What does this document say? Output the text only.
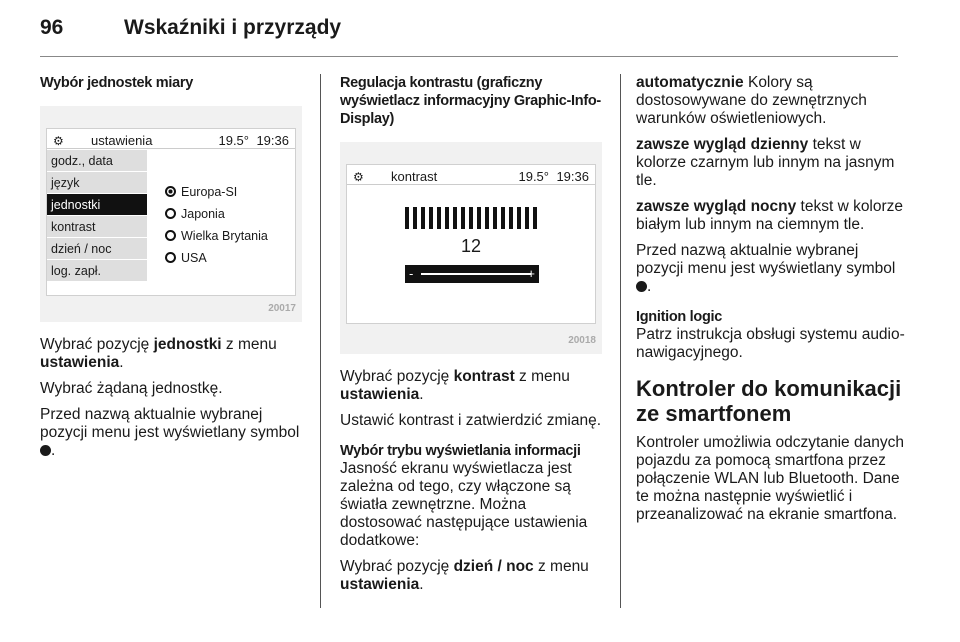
96	Wskaźniki i przyrządy

Wybór jednostek miary

⚙ ustawienia	19.5° 19:36
godz., data
język
jednostki
kontrast
dzień / noc
log. zapł.
Europa-SI
Japonia
Wielka Brytania
USA
20017

Wybrać pozycję jednostki z menu ustawienia.

Wybrać żądaną jednostkę.

Przed nazwą aktualnie wybranej pozycji menu jest wyświetlany symbol .

Regulacja kontrastu (graficzny wyświetlacz informacyjny Graphic-Info-Display)

⚙ kontrast	19.5° 19:36
12
-	+
20018

Wybrać pozycję kontrast z menu ustawienia.

Ustawić kontrast i zatwierdzić zmianę.

Wybór trybu wyświetlania informacji

Jasność ekranu wyświetlacza jest zależna od tego, czy włączone są światła zewnętrzne. Można dostosować następujące ustawienia dodatkowe:

Wybrać pozycję dzień / noc z menu ustawienia.

automatycznie Kolory są dostosowywane do zewnętrznych warunków oświetleniowych.

zawsze wygląd dzienny tekst w kolorze czarnym lub innym na jasnym tle.

zawsze wygląd nocny tekst w kolorze białym lub innym na ciemnym tle.

Przed nazwą aktualnie wybranej pozycji menu jest wyświetlany symbol .

Ignition logic

Patrz instrukcja obsługi systemu audio-nawigacyjnego.

Kontroler do komunikacji ze smartfonem

Kontroler umożliwia odczytanie danych pojazdu za pomocą smartfona przez połączenie WLAN lub Bluetooth. Dane te można następnie wyświetlić i przeanalizować na ekranie smartfona.
